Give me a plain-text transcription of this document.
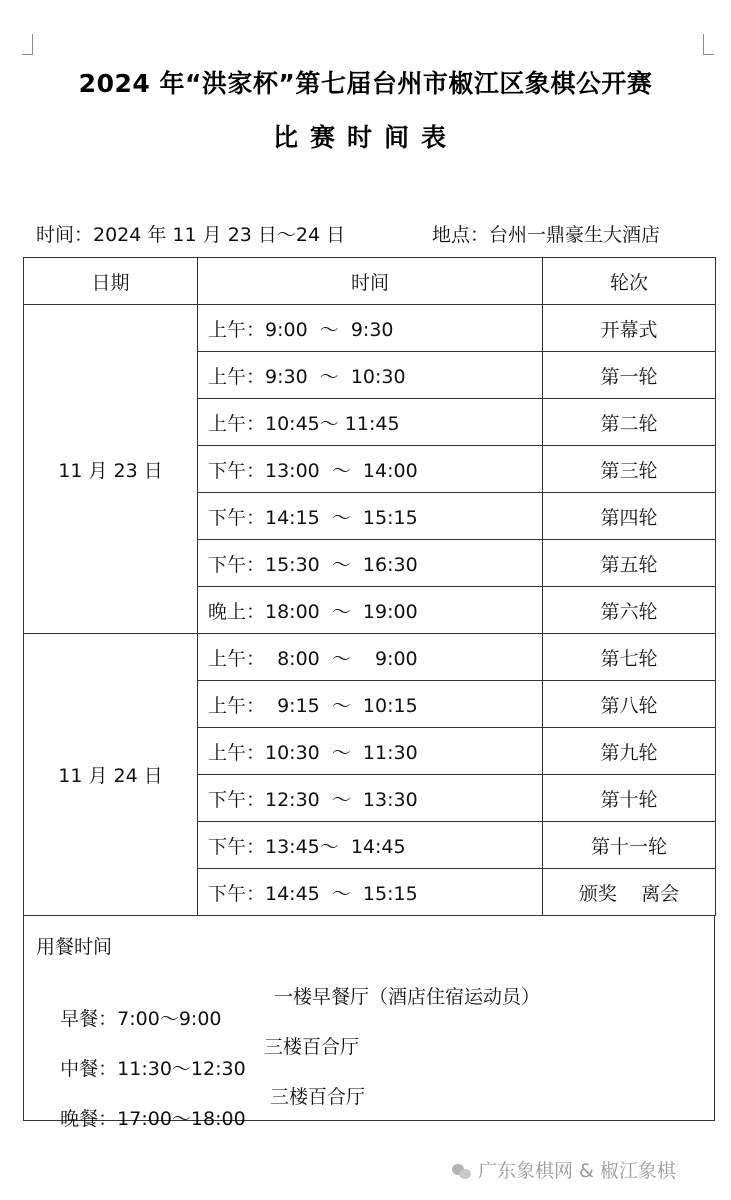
2024 年“洪家杯”第七届台州市椒江区象棋公开赛
比赛时间表
时间：2024 年 11 月 23 日～24 日	地点：台州一鼎豪生大酒店
日期	时间	轮次
11 月 23 日	上午：9:00  ～  9:30	开幕式
	上午：9:30  ～  10:30	第一轮
	上午：10:45～ 11:45	第二轮
	下午：13:00  ～  14:00	第三轮
	下午：14:15  ～  15:15	第四轮
	下午：15:30  ～  16:30	第五轮
	晚上：18:00  ～  19:00	第六轮
11 月 24 日	上午：  8:00  ～    9:00	第七轮
	上午：  9:15  ～  10:15	第八轮
	上午：10:30  ～  11:30	第九轮
	下午：12:30  ～  13:30	第十轮
	下午：13:45～  14:45	第十一轮
	下午：14:45  ～  15:15	颁奖    离会
用餐时间

早餐：7:00～9:00

一楼早餐厅（酒店住宿运动员）

中餐：11:30～12:30

三楼百合厅

晚餐：17:00～18:00

三楼百合厅

广东象棋网 & 椒江象棋
